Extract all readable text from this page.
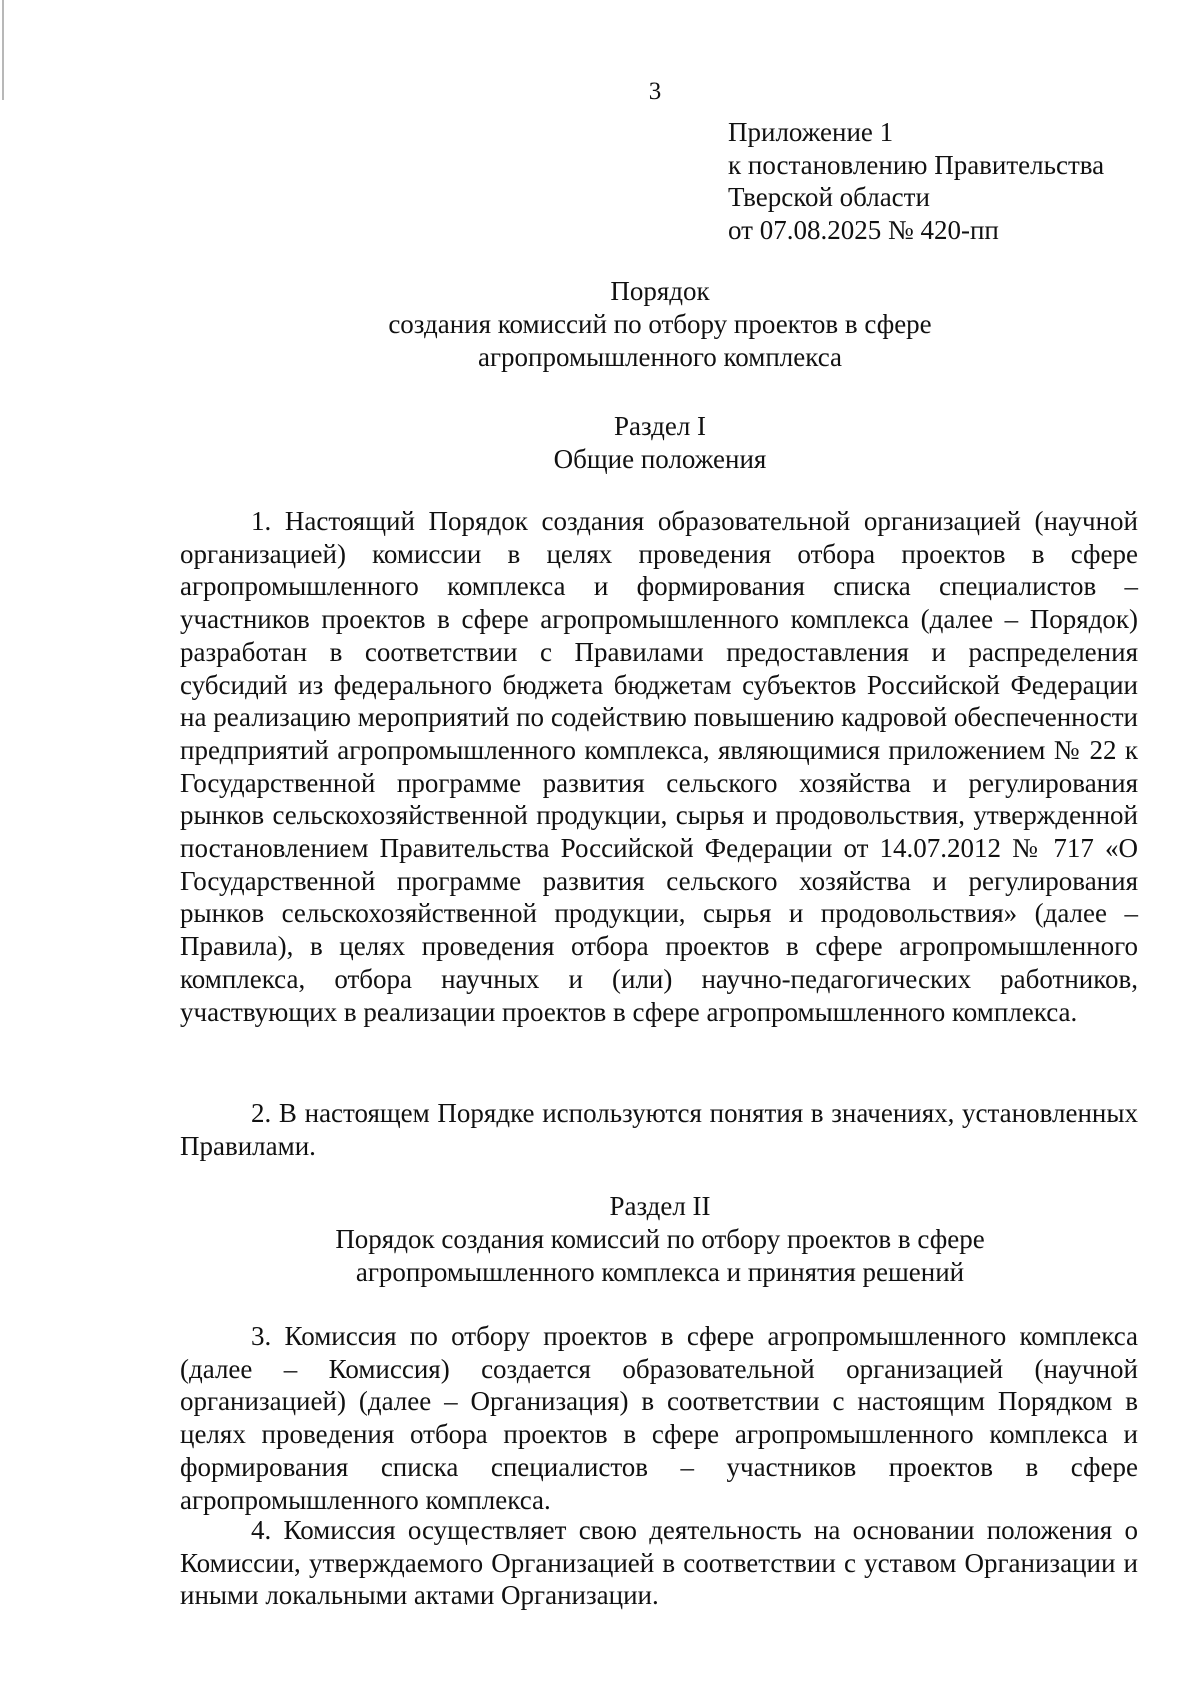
3
Приложение 1
к постановлению Правительства
Тверской области
от 07.08.2025 № 420-пп
Порядок
создания комиссий по отбору проектов в сфере
агропромышленного комплекса
Раздел I
Общие положения

1. Настоящий Порядок создания образовательной организацией (научной организацией) комиссии в целях проведения отбора проектов в сфере агропромышленного комплекса и формирования списка специалистов – участников проектов в сфере агропромышленного комплекса (далее – Порядок) разработан в соответствии с Правилами предоставления и распределения субсидий из федерального бюджета бюджетам субъектов Российской Федерации на реализацию мероприятий по содействию повышению кадровой обеспеченности предприятий агропромышленного комплекса, являющимися приложением № 22 к Государственной программе развития сельского хозяйства и регулирования рынков сельскохозяйственной продукции, сырья и продовольствия, утвержденной постановлением Правительства Российской Федерации от 14.07.2012 № 717 «О Государственной программе развития сельского хозяйства и регулирования рынков сельскохозяйственной продукции, сырья и продовольствия» (далее – Правила), в целях проведения отбора проектов в сфере агропромышленного комплекса, отбора научных и (или) научно-педагогических работников, участвующих в реализации проектов в сфере агропромышленного комплекса.

2. В настоящем Порядке используются понятия в значениях, установленных Правилами.

Раздел II
Порядок создания комиссий по отбору проектов в сфере
агропромышленного комплекса и принятия решений

3. Комиссия по отбору проектов в сфере агропромышленного комплекса (далее – Комиссия) создается образовательной организацией (научной организацией) (далее – Организация) в соответствии с настоящим Порядком в целях проведения отбора проектов в сфере агропромышленного комплекса и формирования списка специалистов – участников проектов в сфере агропромышленного комплекса.

4. Комиссия осуществляет свою деятельность на основании положения о Комиссии, утверждаемого Организацией в соответствии с уставом Организации и иными локальными актами Организации.
